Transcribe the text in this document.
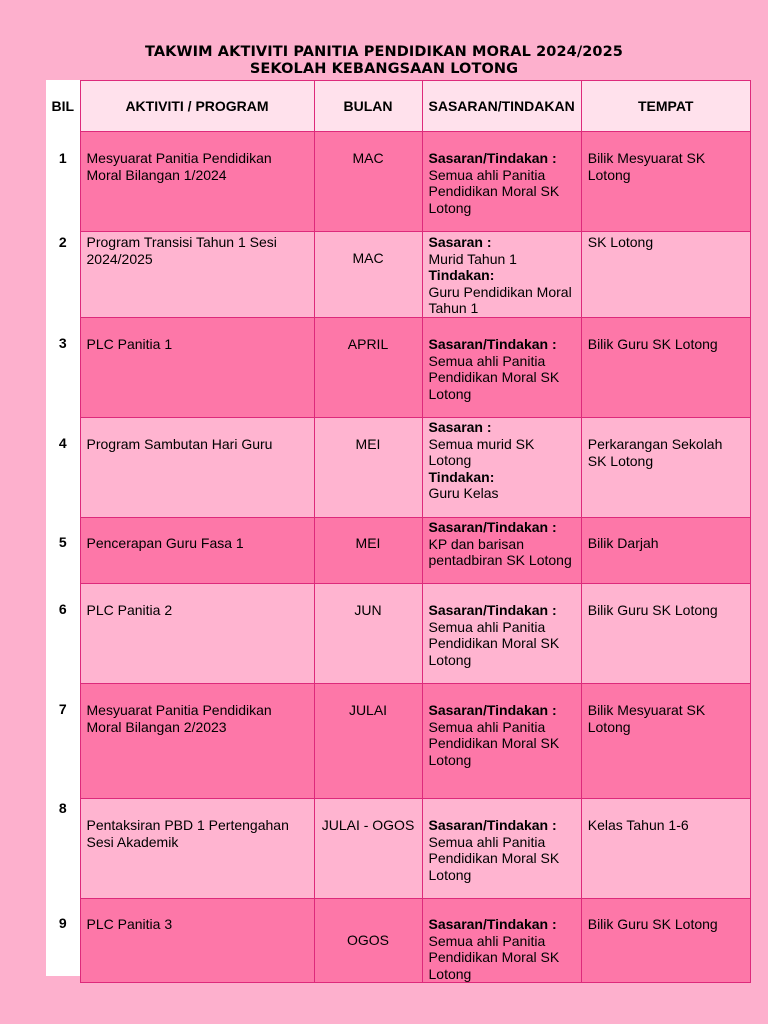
TAKWIM AKTIVITI PANITIA PENDIDIKAN MORAL 2024/2025
SEKOLAH KEBANGSAAN LOTONG
BIL	AKTIVITI / PROGRAM	BULAN	SASARAN/TINDAKAN	TEMPAT
1	Mesyuarat Panitia Pendidikan Moral Bilangan 1/2024	MAC	Sasaran/Tindakan :
Semua ahli Panitia Pendidikan Moral SK Lotong	Bilik Mesyuarat SK Lotong
2	Program Transisi Tahun 1 Sesi 2024/2025	MAC	Sasaran :
Murid Tahun 1
Tindakan:
Guru Pendidikan Moral Tahun 1	SK Lotong
3	PLC Panitia 1	APRIL	Sasaran/Tindakan :
Semua ahli Panitia Pendidikan Moral SK Lotong	Bilik Guru SK Lotong
4	Program Sambutan Hari Guru	MEI	Sasaran :
Semua murid SK Lotong
Tindakan:
Guru Kelas	Perkarangan Sekolah SK Lotong
5	Pencerapan Guru Fasa 1	MEI	Sasaran/Tindakan :
KP dan barisan pentadbiran SK Lotong	Bilik Darjah
6	PLC Panitia 2	JUN	Sasaran/Tindakan :
Semua ahli Panitia Pendidikan Moral SK Lotong	Bilik Guru SK Lotong
7	Mesyuarat Panitia Pendidikan Moral Bilangan 2/2023	JULAI	Sasaran/Tindakan :
Semua ahli Panitia Pendidikan Moral SK Lotong	Bilik Mesyuarat SK Lotong
8	Pentaksiran PBD 1 Pertengahan Sesi Akademik	JULAI - OGOS	Sasaran/Tindakan :
Semua ahli Panitia Pendidikan Moral SK Lotong	Kelas Tahun 1-6
9	PLC Panitia 3	OGOS	Sasaran/Tindakan :
Semua ahli Panitia Pendidikan Moral SK Lotong	Bilik Guru SK Lotong
